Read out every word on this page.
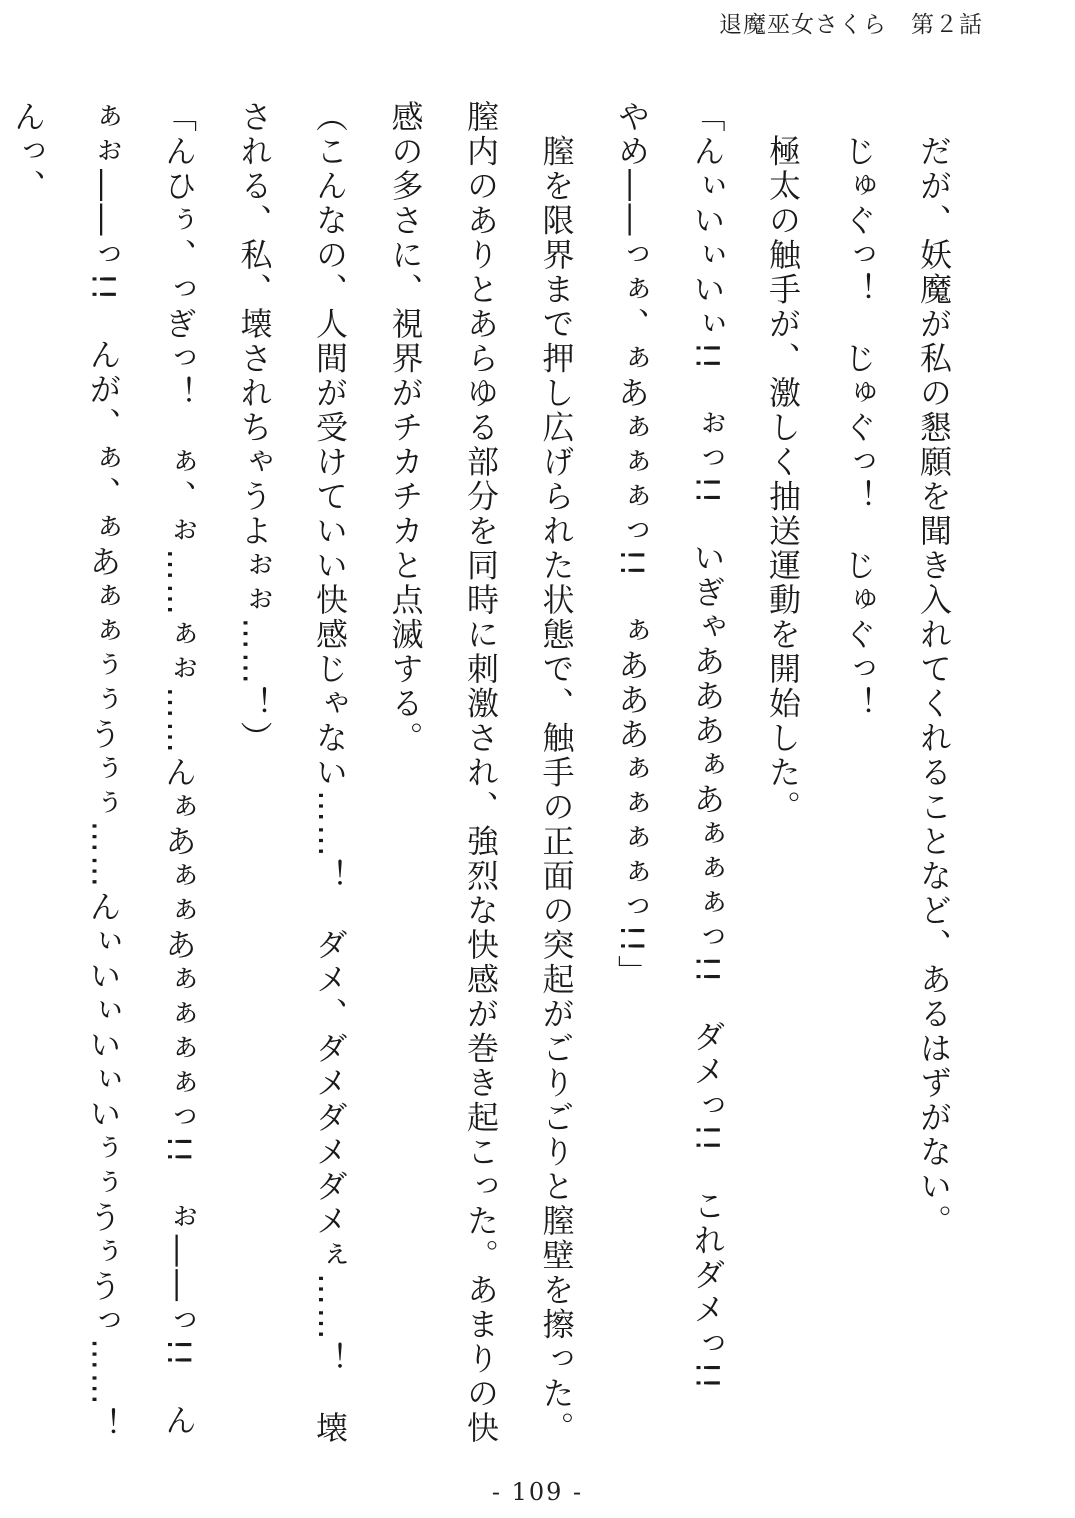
退魔巫女さくら 第２話

　だが、妖魔が私の懇願を聞き入れてくれることなど、あるはずがない。

　じゅぐっ！　じゅぐっ！　じゅぐっ！

　極太の触手が、激しく抽送運動を開始した。

「んぃいぃいぃ!!　ぉっ!!　いぎゃあああぁあぁぁぁっ!!　ダメっ!!　これダメっ!!　やめ――っぁ、ぁあぁぁぁっ!!　ぁあああぁぁぁぁっ!!」

　膣を限界まで押し広げられた状態で、触手の正面の突起がごりごりと膣壁を擦った。膣内のありとあらゆる部分を同時に刺激され、強烈な快感が巻き起こった。あまりの快感の多さに、視界がチカチカと点滅する。

（こんなの、人間が受けていい快感じゃない……！　ダメ、ダメダメダメぇ……！　壊される、私、壊されちゃうよぉぉ……！）

「んひぅ、っぎっ！　ぁ、ぉ……ぁぉ……んぁあぁぁあぁぁぁぁっ!!　ぉ――っ!!　んぁぉ――っ!!　んが、ぁ、ぁあぁぁぅぅうぅぅ……んぃいぃいぃいぅぅうぅうっ……！　んっ、

- 109 -
